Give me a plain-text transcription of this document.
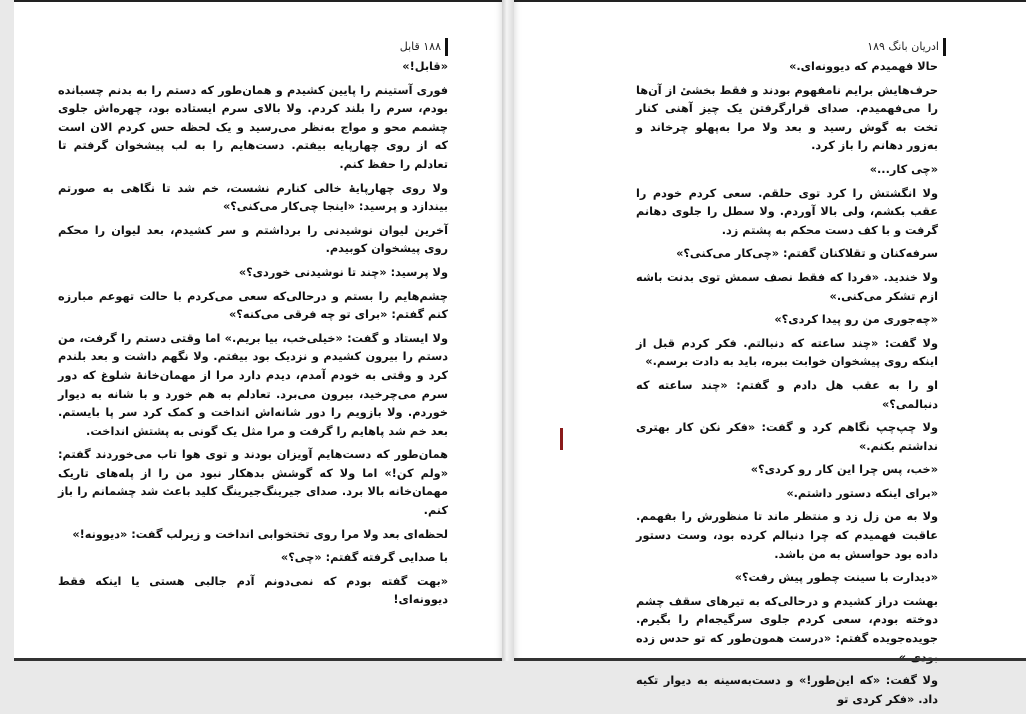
۱۸۸ قابل

«قابل!»

فوری آستینم را پایین کشیدم و همان‌طور که دستم را به بدنم چسبانده بودم، سرم را بلند کردم. ولا بالای سرم ایستاده بود، چهره‌اش جلوی چشمم محو و مواج به‌نظر می‌رسید و یک لحظه حس کردم الان است که از روی چهارپایه بیفتم. دست‌هایم را به لب پیشخوان گرفتم تا تعادلم را حفظ کنم.

ولا روی چهارپایهٔ خالی کنارم نشست، خم شد تا نگاهی به صورتم بیندازد و پرسید: «اینجا چی‌کار می‌کنی؟»

آخرین لیوان نوشیدنی را برداشتم و سر کشیدم، بعد لیوان را محکم روی پیشخوان کوبیدم.

ولا پرسید: «چند تا نوشیدنی خوردی؟»

چشم‌هایم را بستم و درحالی‌که سعی می‌کردم با حالت تهوعم مبارزه کنم گفتم: «برای تو چه فرقی می‌کنه؟»

ولا ایستاد و گفت: «خیلی‌خب، بیا بریم.» اما وقتی دستم را گرفت، من دستم را بیرون کشیدم و نزدیک بود بیفتم. ولا نگهم داشت و بعد بلندم کرد و وقتی به خودم آمدم، دیدم دارد مرا از مهمان‌خانهٔ شلوغ که دور سرم می‌چرخید، بیرون می‌برد. تعادلم به هم خورد و با شانه به دیوار خوردم. ولا بازویم را دور شانه‌اش انداخت و کمک کرد سر پا بایستم. بعد خم شد پاهایم را گرفت و مرا مثل یک گونی به پشتش انداخت.

همان‌طور که دست‌هایم آویزان بودند و توی هوا تاب می‌خوردند گفتم: «ولم کن!» اما ولا که گوشش بدهکار نبود من را از پله‌های تاریک مهمان‌خانه بالا برد. صدای جیرینگ‌جیرینگ کلید باعث شد چشمانم را باز کنم.

لحظه‌ای بعد ولا مرا روی تختخوابی انداخت و زیرلب گفت: «دیوونه!»

با صدایی گرفته گفتم: «چی؟»

«بهت گفته بودم که نمی‌دونم آدم جالبی هستی یا اینکه فقط دیوونه‌ای!

ادریان بانگ ۱۸۹

حالا فهمیدم که دیوونه‌ای.»

حرف‌هایش برایم نامفهوم بودند و فقط بخشیٔ از آن‌ها را می‌فهمیدم. صدای قرارگرفتن یک چیز آهنی کنار تخت به گوش رسید و بعد ولا مرا به‌پهلو چرخاند و به‌زور دهانم را باز کرد.

«چی کار...»

ولا انگشتش را کرد توی حلقم. سعی کردم خودم را عقب بکشم، ولی بالا آوردم. ولا سطل را جلوی دهانم گرفت و با کف دست محکم به پشتم زد.

سرفه‌کنان و تقلاکنان گفتم: «چی‌کار می‌کنی؟»

ولا خندید. «فردا که فقط نصف سمش توی بدنت باشه ازم تشکر می‌کنی.»

«چه‌جوری من رو پیدا کردی؟»

ولا گفت: «چند ساعته که دنبالتم. فکر کردم قبل از اینکه روی پیشخوان خوابت ببره، باید به دادت برسم.»

او را به عقب هل دادم و گفتم: «چند ساعته که دنبالمی؟»

ولا چپ‌چپ نگاهم کرد و گفت: «فکر نکن کار بهتری نداشتم بکنم.»

«خب، پس چرا این کار رو کردی؟»

«برای اینکه دستور داشتم.»

ولا به من زل زد و منتظر ماند تا منظورش را بفهمم. عاقبت فهمیدم که چرا دنبالم کرده بود، وست دستور داده بود حواسش به من باشد.

«دیدارت با سینت چطور پیش رفت؟»

بهشت دراز کشیدم و درحالی‌که به تیرهای سقف چشم دوخته بودم، سعی کردم جلوی سرگیجه‌ام را بگیرم. جویده‌جویده گفتم: «درست همون‌طور که تو حدس زده

ولا گفت: «که این‌طور!» و دست‌به‌سینه به دیوار تکیه داد. «فکر کردی تو
